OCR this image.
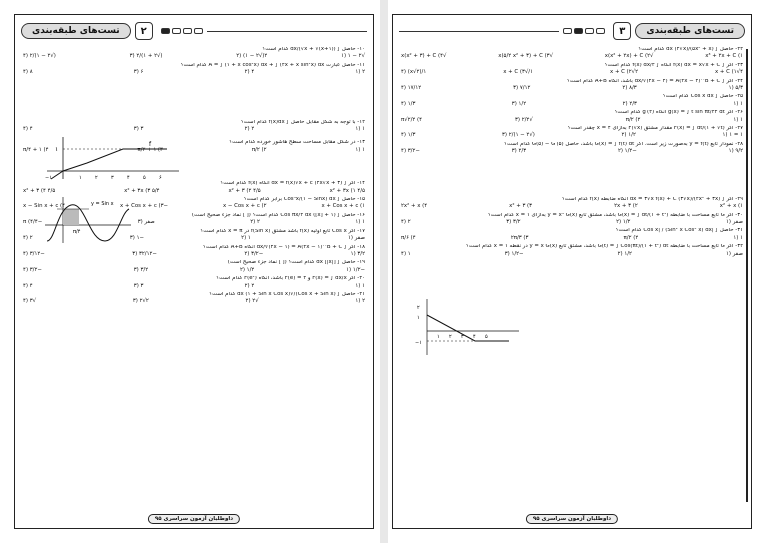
تست‌های طبقه‌بندی	۲
۱۰- حاصل ∫ dx/(√x + √(x+۱)) کدام است؟
√۲ − ۱ (۱
۲(√۲ − ۱) (۲
(√۲ + ۱)/۲ (۳
(√۲ − ۱)/۲ (۴
۱۱- حاصل عبارت A = ∫ (۱ + x cos²x) dx + ∫ (۲x + x sin²x) dx کدام است؟
۲ (۱
۴ (۲
۶ (۳
۸ (۴
۱۲- با توجه به شکل مقابل حاصل ∫ f(x)dx کدام است؟
۱ (۱
۲ (۲
۳ (۳
۴ (۴
۱۳- در شکل مقابل مساحت سطح هاشور خورده کدام است؟
۱ (۱
π/۲ (۲
π/۲ + ۱ (۳
π/۴ + ۱ (۴
۱۴- اگر ∫ (۲x√x + ۳) dx = f(x)√x + c آنگاه f(x) کدام است؟
۴/۵ x² + ۳x (۱
۴/۵ x² + ۳ (۲
۵/۴ x² + ۳x (۳
۴/۵ x² + ۳ (۴
۱۵- حاصل ∫ Cos³x/(۱ − Sinx) dx برابر کدام است؟
x + Cos x + c (۱
x − Cos x + c (۲
−x + Cos x + c (۳
x − Sin x + c (۴
۱۶- حاصل ∫ (۱ + [x]) Cos πx/۲ dx کدام است؟ ([ ] نماد جزء صحیح است)
۱ (۱
۲ (۲
صفر (۳
−۴/π (۴
۱۷- اگر Cos x تابع اولیه f(x) باشد مشتق f(Sin x) در x = π کدام است؟
صفر (۱
۱ (۲
−۱ (۳
۲ (۴
۱۸- اگر ∫ dx/∛(۲x − ۱) = A(۲x − ۱)^B + C آنگاه A+B کدام است؟
۳/۲ (۱
−۳/۲ (۲
−۳۲/۱۲ (۳
−۳/۱۲ (۴
۱۹- حاصل ∫ [|x|] dx کدام است؟ ([ ] نماد جزء صحیح است)
−۱/۲ (۱
۱/۲ (۲
۳/۲ (۳
−۳/۲ (۴
۲۰- اگر F(x) = ∫ dx/x و F(e) = ۲ باشد، آنگاه F(e²) کدام است؟
۱ (۱
۲ (۲
۳ (۳
۴ (۴
۲۱- حاصل ∫ (Cos x + Sin x)/√(۱ + Sin x Cos x) dx کدام است؟
۲ (۱
√۲ (۲
۲√۲ (۳
√۳ (۴
۱
f
−۱	۱	۲	۳	۴	۵	۶
y = Sin x
π/۴
داوطلبان آزمون سراسری ۹۵
۳	تست‌های طبقه‌بندی
۲۲- حاصل ∫ (۵x² + x)/(۲√x) dx کدام است؟
x³ + ۲x + C (۱
√x(x² + ۲x) + C (۲
√x(۵/۲ x² + ۳) + C (۳
√x(x² + ۳) + C (۴
۲۳- اگر ∫ f(x) dx = x√x + C آنگاه ∫ ۲/f(x) dx کدام است؟
۴√x + C (۱
۲√x + C (۲
۱/√x + C (۳
۱/(۲√x) (۴
۲۴- اگر ∫ dx/∜(۲x − ۲) = A(۲x − ۲)^B + C باشد، آنگاه A+B کدام است؟
۵/۳ (۱
۸/۳ (۲
۷/۱۲ (۳
۱۷/۱۲ (۴
۲۵- حاصل ∫ Cos x dx کدام است؟
۱ (۱
۲/۳ (۲
۱/۲ (۳
۱/۳ (۴
۲۶- اگر g(x) = ∫ t sin πt/۲۴ dt آنگاه g′(۲) کدام است؟
۱ (۱
π/۲ (۲
√۲/۲ (۳
π√۲/۲ (۴
۲۷- اگر F(x) = ∫ dt/(۱ + √t) مقدار مشتق F(√x) به‌ازای x = ۴ چقدر است؟
۱ = ۱ (۱
۱/۲ (۲
(√۲ − ۱)/۲ (۳
۱/۳ (۴
۲۸- نمودار تابع y = f(t) به‌صورت زیر است. اگر G(x) = ∫ f(t) dt باشد، حاصل G(۵) − G′(۵) کدام است؟
۹/۲ (۱
−۱/۲ (۲
۲/۳ (۳
−۳/۲ (۴
۲۹- اگر ∫ (۲x² + ۳x)/(۳√x) dx = ۳√x f(x) + C آنگاه ضابطه f(x) کدام است؟
x² + x (۱
۲x + ۳ (۲
x² + ۳ (۳
۲x² + x (۴
۳۰- اگر G تابع مساحت با ضابطه G(x) = ∫ dt/(۱ + t³) باشد، مشتق تابع y = x³ G(x) به‌ازای x = ۱ کدام است؟
صفر (۱
۱/۲ (۲
۳/۲ (۳
۲ (۴
۳۱- حاصل ∫ |Cos x| / (Sin² x Cos² x) dx کدام است؟
۱ (۱
π/۲ (۲
۲π/۳ (۳
π/۶ (۴
۳۲- اگر G تابع مساحت با ضابطه G(t) = ∫ Cos(πt)/(۱ + t²) dt باشد، مشتق تابع y = x G(x) در نقطه x = ۱ کدام است؟
صفر (۱
۱/۲ (۲
−۱/۲ (۳
۱ (۴
۲
۱
−۱
۱ ۲ ۳ ۴ ۵
داوطلبان آزمون سراسری ۹۵
